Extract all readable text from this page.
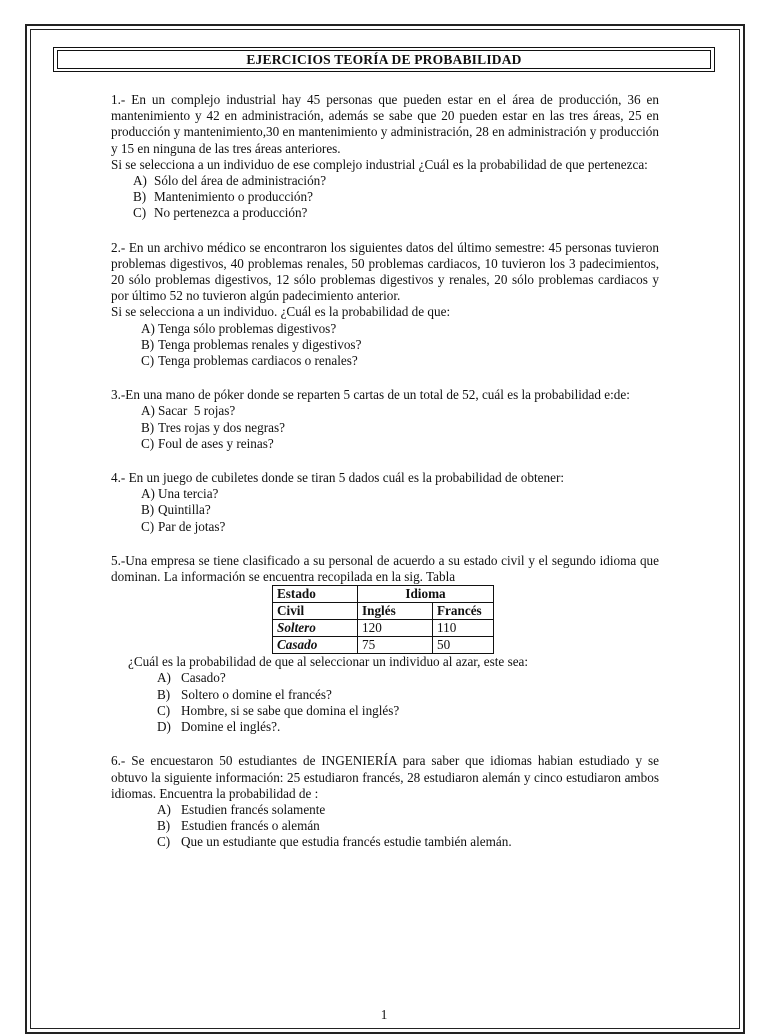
EJERCICIOS TEORÍA DE PROBABILIDAD

1.- En un complejo industrial hay 45 personas que pueden estar en el área de producción, 36 en mantenimiento y 42 en administración, además se sabe que 20 pueden estar en las tres áreas, 25 en producción y mantenimiento,30 en mantenimiento y administración, 28 en administración y producción y 15 en ninguna de las tres áreas anteriores.

Si se selecciona a un individuo de ese complejo industrial ¿Cuál es la probabilidad de que pertenezca:

A) Sólo del área de administración?
B) Mantenimiento o producción?
C) No pertenezca a producción?

2.- En un archivo médico se encontraron los siguientes datos del último semestre: 45 personas tuvieron problemas digestivos, 40 problemas renales, 50 problemas cardiacos, 10 tuvieron los 3 padecimientos, 20 sólo problemas digestivos, 12 sólo problemas digestivos y renales, 20 sólo problemas cardiacos y por último 52 no tuvieron algún padecimiento anterior.

Si se selecciona a un individuo. ¿Cuál es la probabilidad de que:

A) Tenga sólo problemas digestivos?
B) Tenga problemas renales y digestivos?
C) Tenga problemas cardiacos o renales?

3.-En una mano de póker donde se reparten 5 cartas de un total de 52, cuál es la probabilidad e:de:

A) Sacar  5 rojas?
B) Tres rojas y dos negras?
C) Foul de ases y reinas?

4.- En un juego de cubiletes donde se tiran 5 dados cuál es la probabilidad de obtener:

A) Una tercia?
B) Quintilla?
C) Par de jotas?

5.-Una empresa se tiene clasificado a su personal de acuerdo a su estado civil y el segundo idioma que dominan. La información se encuentra recopilada en la sig. Tabla

Estado	Idioma	
Civil	Inglés	Francés
Soltero	120	110
Casado	75	50

¿Cuál es la probabilidad de que al seleccionar un individuo al azar, este sea:

A) Casado?
B) Soltero o domine el francés?
C) Hombre, si se sabe que domina el inglés?
D) Domine el inglés?.

6.- Se encuestaron 50 estudiantes de INGENIERÍA para saber que idiomas habian estudiado y se obtuvo la siguiente información: 25 estudiaron francés, 28 estudiaron alemán y cinco estudiaron ambos idiomas. Encuentra la probabilidad de :

A) Estudien francés solamente
B) Estudien francés o alemán
C) Que un estudiante que estudia francés estudie también alemán.
1
